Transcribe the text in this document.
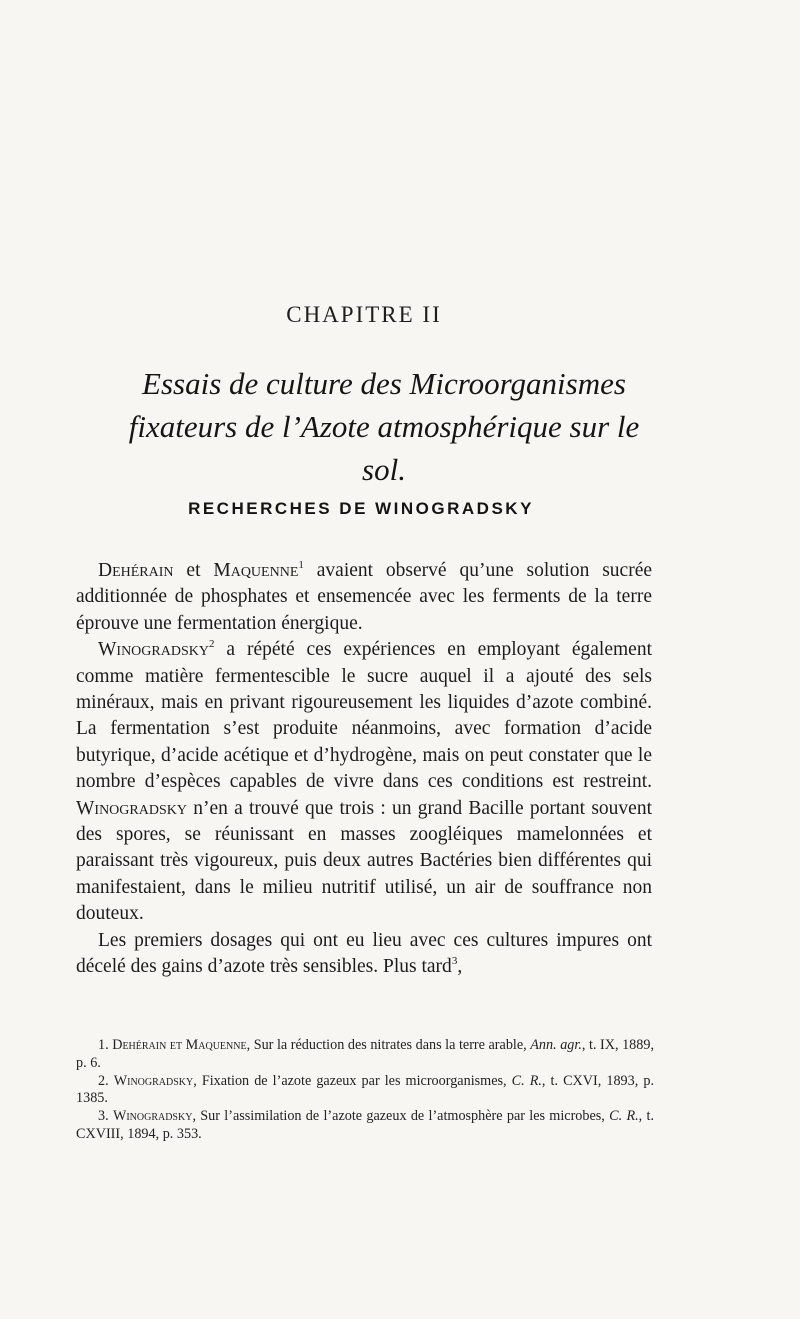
CHAPITRE II
Essais de culture des Microorganismes
fixateurs de l’Azote atmosphérique sur le sol.
RECHERCHES DE WINOGRADSKY

Dehérain et Maquenne$^1$ avaient observé qu’une solution sucrée additionnée de phosphates et ensemencée avec les ferments de la terre éprouve une fermentation énergique.

Winogradsky$^2$ a répété ces expériences en employant également comme matière fermentescible le sucre auquel il a ajouté des sels minéraux, mais en privant rigoureusement les liquides d’azote combiné. La fermentation s’est produite néanmoins, avec formation d’acide butyrique, d’acide acétique et d’hydrogène, mais on peut constater que le nombre d’espèces capables de vivre dans ces conditions est restreint. Winogradsky n’en a trouvé que trois : un grand Bacille portant souvent des spores, se réunissant en masses zoogléiques mamelonnées et paraissant très vigoureux, puis deux autres Bactéries bien différentes qui manifestaient, dans le milieu nutritif utilisé, un air de souffrance non douteux.

Les premiers dosages qui ont eu lieu avec ces cultures impures ont décelé des gains d’azote très sensibles. Plus tard$^3$,

1. Dehérain et Maquenne, Sur la réduction des nitrates dans la terre arable, Ann. agr., t. IX, 1889, p. 6.

2. Winogradsky, Fixation de l’azote gazeux par les microorganismes, C. R., t. CXVI, 1893, p. 1385.

3. Winogradsky, Sur l’assimilation de l’azote gazeux de l’atmosphère par les microbes, C. R., t. CXVIII, 1894, p. 353.
